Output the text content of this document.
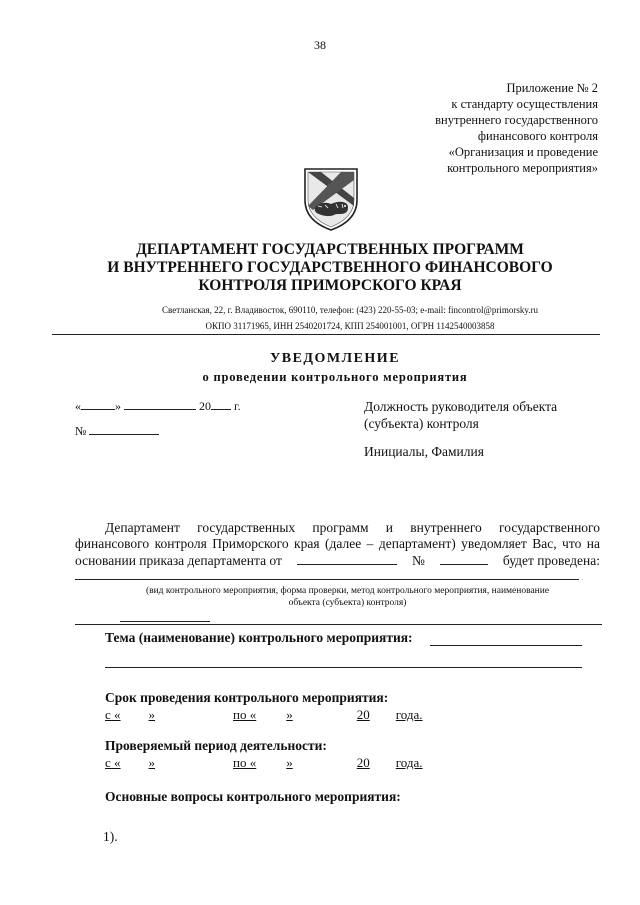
38
Приложение № 2
к стандарту осуществления
внутреннего государственного
финансового контроля
«Организация и проведение
контрольного мероприятия»
ДЕПАРТАМЕНТ ГОСУДАРСТВЕННЫХ ПРОГРАММ
И ВНУТРЕННЕГО ГОСУДАРСТВЕННОГО ФИНАНСОВОГО
КОНТРОЛЯ ПРИМОРСКОГО КРАЯ
Светланская, 22, г. Владивосток, 690110, телефон: (423) 220-55-03; e-mail: fincontrol@primorsky.ru
ОКПО 31171965, ИНН 2540201724, КПП 254001001, ОГРН 1142540003858
УВЕДОМЛЕНИЕ
о проведении контрольного мероприятия
«	»	20 г.
№
Должность руководителя объекта
(субъекта) контроля
Инициалы, Фамилия
Департамент государственных программ и внутреннего государственного
финансового контроля Приморского края (далее – департамент) уведомляет Вас, что на
основании приказа департамента от	№	будет проведена:
(вид контрольного мероприятия, форма проверки, метод контрольного мероприятия, наименование
объекта (субъекта) контроля)
Тема (наименование) контрольного мероприятия:
Срок проведения контрольного мероприятия:
с « »	по « »	20 года.
Проверяемый период деятельности:
с « »	по « »	20 года.
Основные вопросы контрольного мероприятия:
1).
